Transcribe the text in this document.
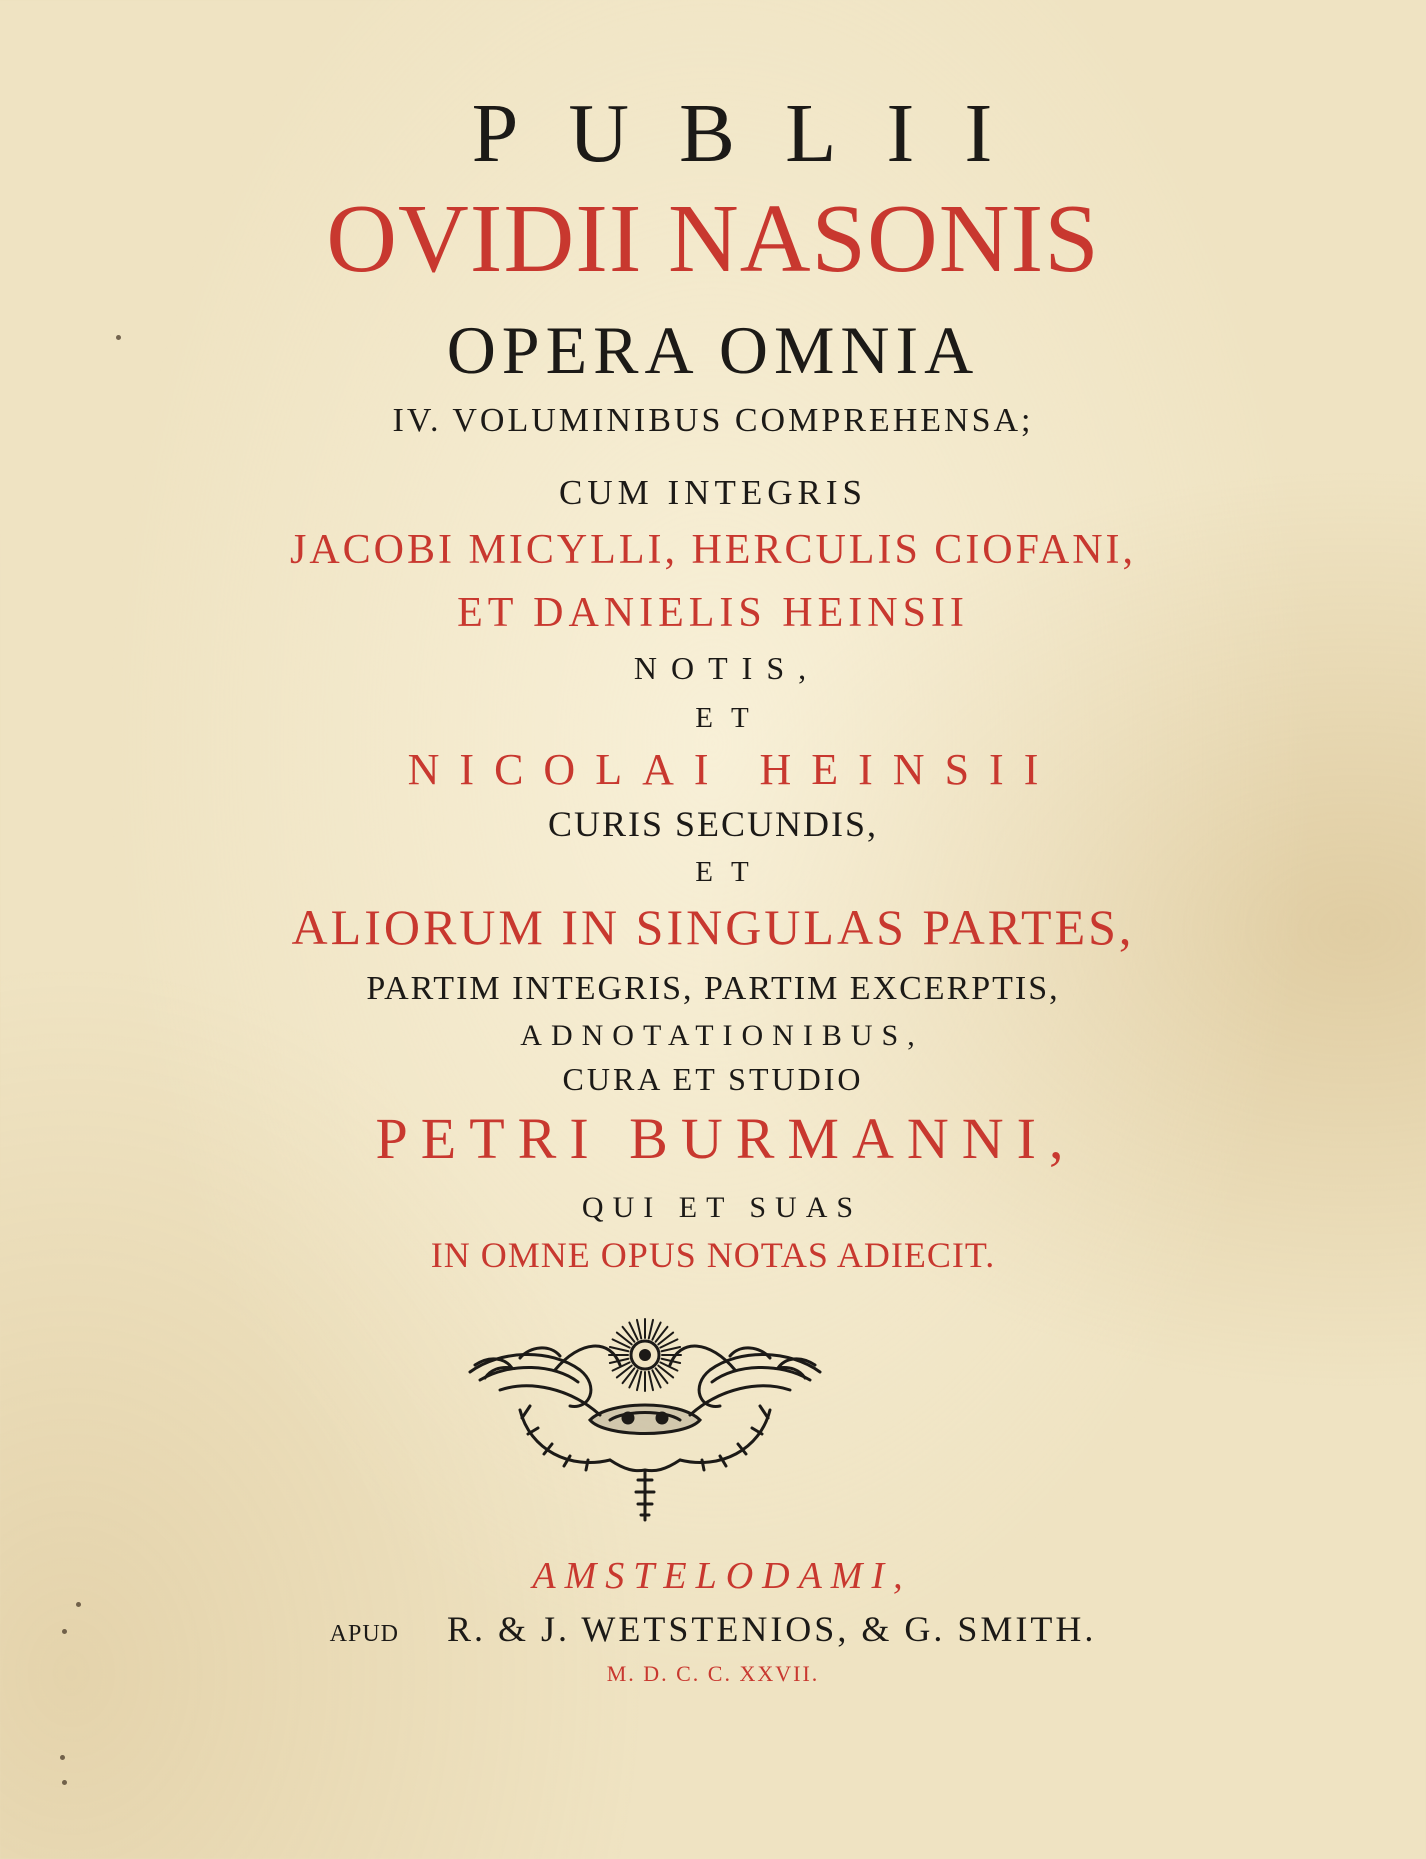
PUBLII
OVIDII NASONIS
OPERA OMNIA
IV. VOLUMINIBUS COMPREHENSA;
CUM INTEGRIS
JACOBI MICYLLI, HERCULIS CIOFANI,
ET DANIELIS HEINSII
NOTIS,
ET
NICOLAI HEINSII
CURIS SECUNDIS,
ET
ALIORUM IN SINGULAS PARTES,
PARTIM INTEGRIS, PARTIM EXCERPTIS,
ADNOTATIONIBUS,
CURA ET STUDIO
PETRI BURMANNI,
QUI ET SUAS
IN OMNE OPUS NOTAS ADIECIT.
AMSTELODAMI,
APUD R. & J. WETSTENIOS, & G. SMITH.
M. D. C. C. XXVII.
